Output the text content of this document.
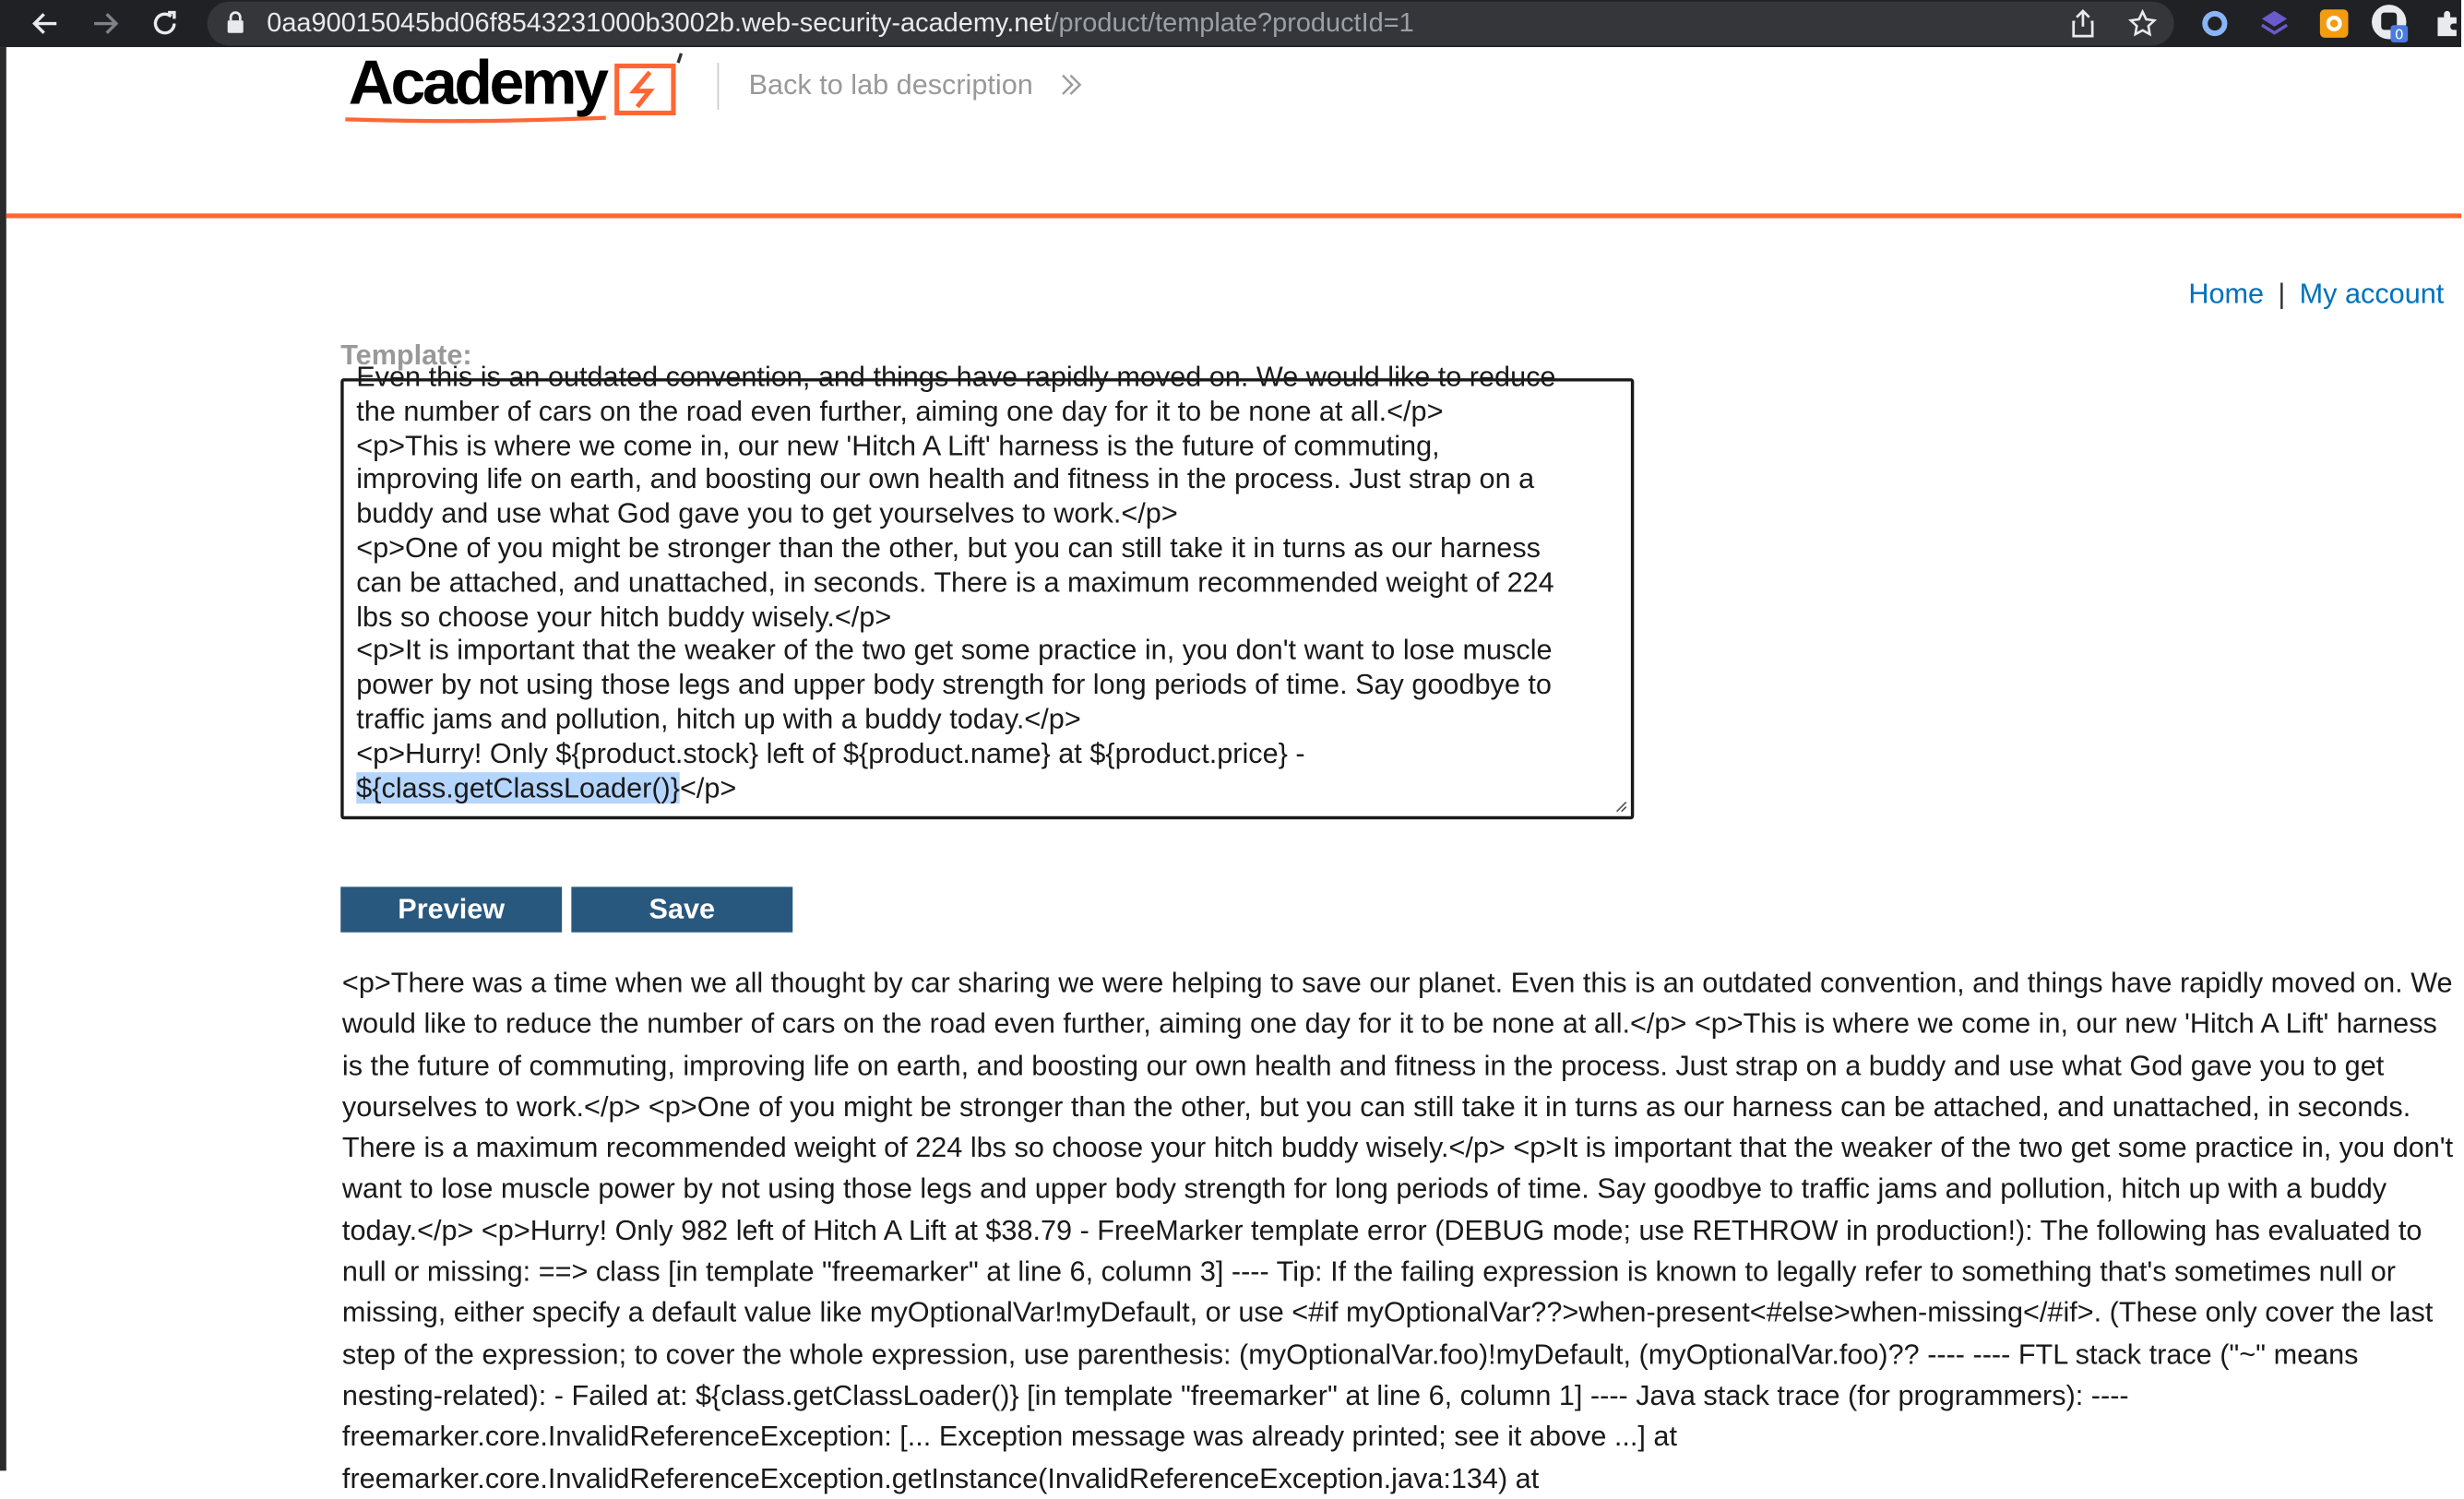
0aa90015045bd06f8543231000b3002b.web-security-academy.net/product/template?productId=1	0
Academy	Back to lab description
Home | My account
Template:
Even this is an outdated convention, and things have rapidly moved on. We would like to reduce
the number of cars on the road even further, aiming one day for it to be none at all.</p>
<p>This is where we come in, our new 'Hitch A Lift' harness is the future of commuting,
improving life on earth, and boosting our own health and fitness in the process. Just strap on a
buddy and use what God gave you to get yourselves to work.</p>
<p>One of you might be stronger than the other, but you can still take it in turns as our harness
can be attached, and unattached, in seconds. There is a maximum recommended weight of 224
lbs so choose your hitch buddy wisely.</p>
<p>It is important that the weaker of the two get some practice in, you don't want to lose muscle
power by not using those legs and upper body strength for long periods of time. Say goodbye to
traffic jams and pollution, hitch up with a buddy today.</p>
<p>Hurry! Only ${product.stock} left of ${product.name} at ${product.price} -
${class.getClassLoader()}</p>
Preview	Save
<p>There was a time when we all thought by car sharing we were helping to save our planet. Even this is an outdated convention, and things have rapidly moved on. We would like to reduce the number of cars on the road even further, aiming one day for it to be none at all.</p> <p>This is where we come in, our new 'Hitch A Lift' harness is the future of commuting, improving life on earth, and boosting our own health and fitness in the process. Just strap on a buddy and use what God gave you to get yourselves to work.</p> <p>One of you might be stronger than the other, but you can still take it in turns as our harness can be attached, and unattached, in seconds. There is a maximum recommended weight of 224 lbs so choose your hitch buddy wisely.</p> <p>It is important that the weaker of the two get some practice in, you don't want to lose muscle power by not using those legs and upper body strength for long periods of time. Say goodbye to traffic jams and pollution, hitch up with a buddy today.</p> <p>Hurry! Only 982 left of Hitch A Lift at $38.79 - FreeMarker template error (DEBUG mode; use RETHROW in production!): The following has evaluated to null or missing: ==> class [in template "freemarker" at line 6, column 3] ---- Tip: If the failing expression is known to legally refer to something that's sometimes null or missing, either specify a default value like myOptionalVar!myDefault, or use <#if myOptionalVar??>when-present<#else>when-missing</#if>. (These only cover the last step of the expression; to cover the whole expression, use parenthesis: (myOptionalVar.foo)!myDefault, (myOptionalVar.foo)?? ---- ---- FTL stack trace ("~" means nesting-related): - Failed at: ${class.getClassLoader()} [in template "freemarker" at line 6, column 1] ---- Java stack trace (for programmers): ---- freemarker.core.InvalidReferenceException: [... Exception message was already printed; see it above ...] at freemarker.core.InvalidReferenceException.getInstance(InvalidReferenceException.java:134) at
